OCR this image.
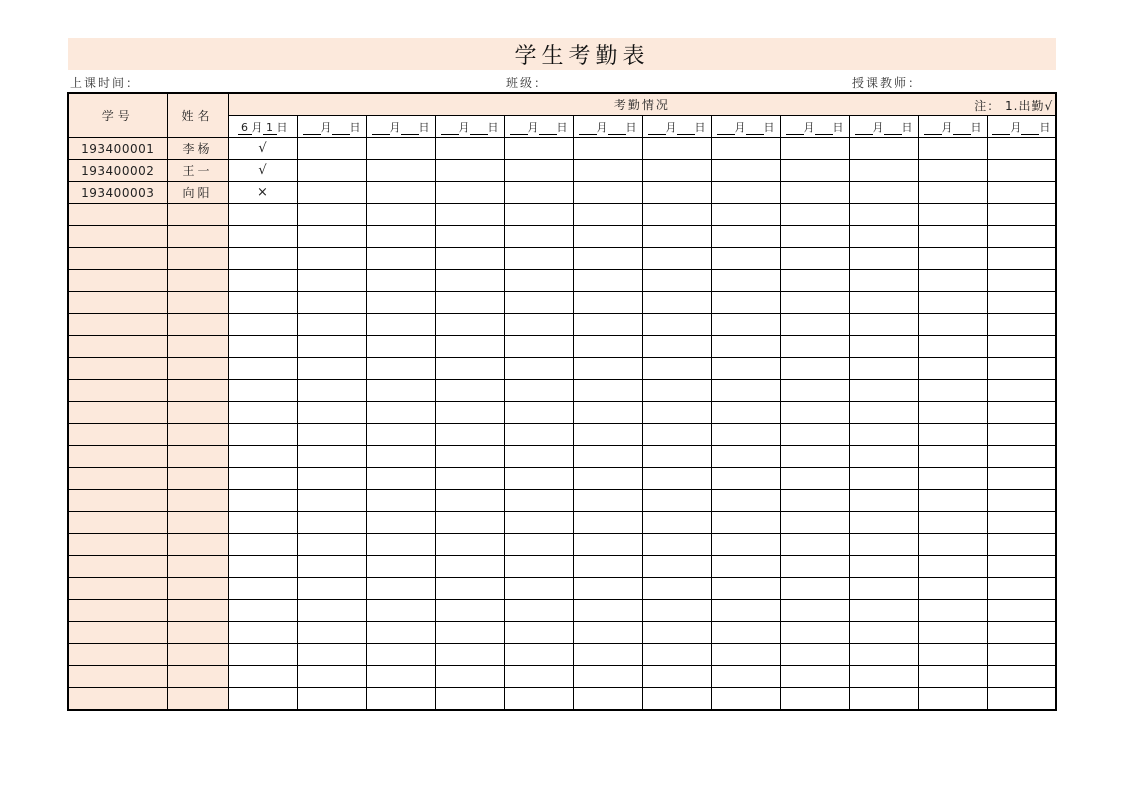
学生考勤表
上课时间：	班级：	授课教师：
学号	姓名	考勤情况 注： 1.出勤√											

		6 月 1 日	月 日	月 日	月 日	月 日	月 日	月 日	月 日	月 日	月 日	月 日	月 日
193400001	李杨	√											
193400002	王一	√											
193400003	向阳	×											
